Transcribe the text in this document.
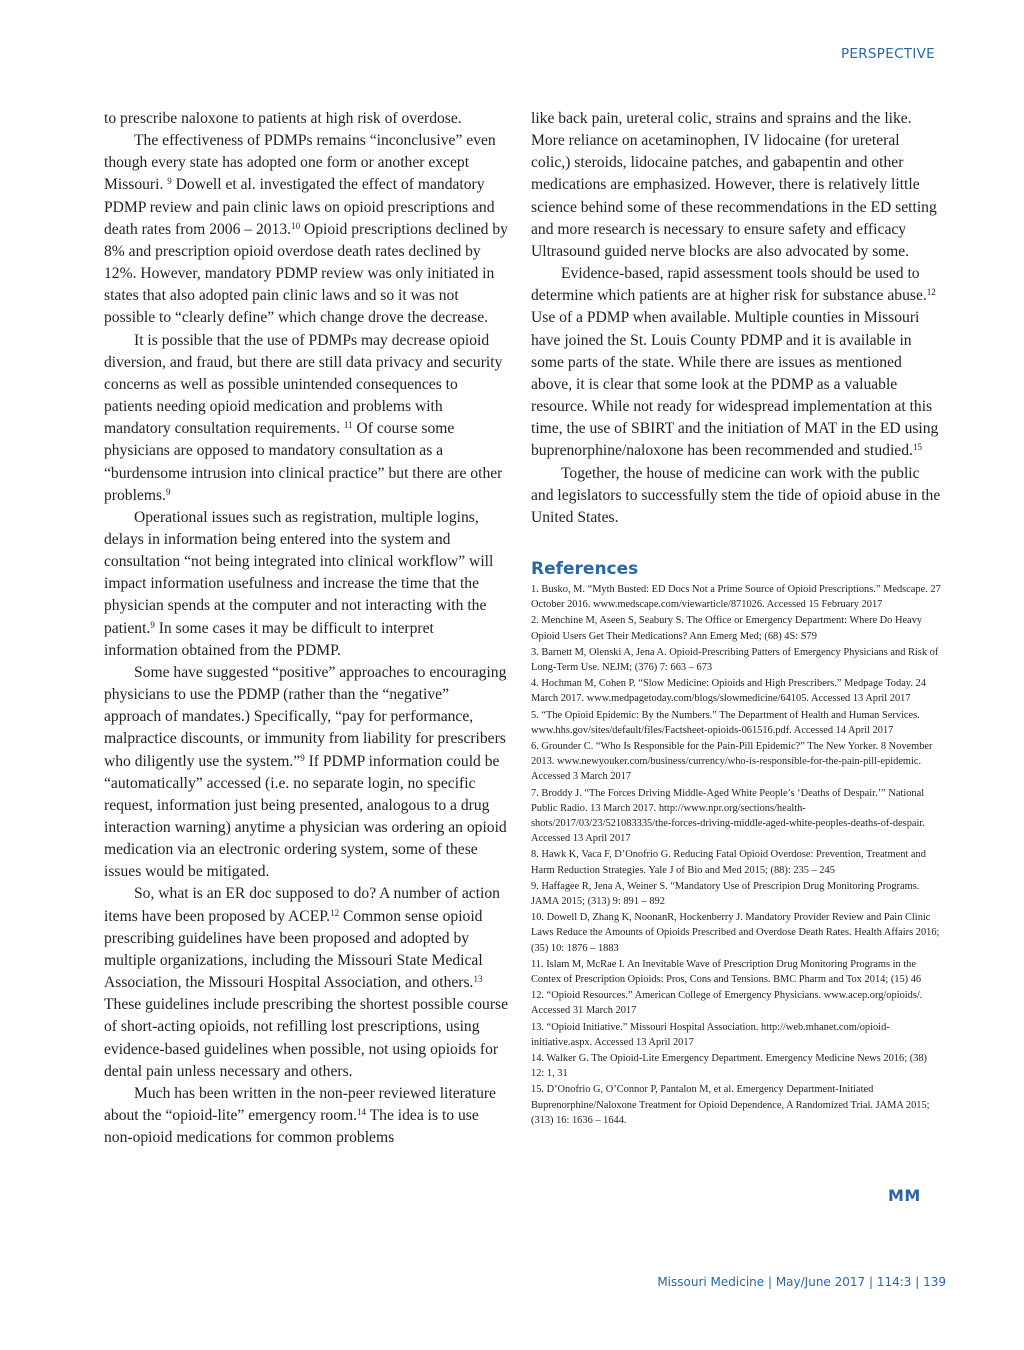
PERSPECTIVE

to prescribe naloxone to patients at high risk of overdose.

The effectiveness of PDMPs remains “inconclusive” even though every state has adopted one form or another except Missouri. $^9$ Dowell et al. investigated the effect of mandatory PDMP review and pain clinic laws on opioid prescriptions and death rates from 2006 – 2013.10 Opioid prescriptions declined by 8% and prescription opioid overdose death rates declined by 12%. However, mandatory PDMP review was only initiated in states that also adopted pain clinic laws and so it was not possible to “clearly define” which change drove the decrease.

It is possible that the use of PDMPs may decrease opioid diversion, and fraud, but there are still data privacy and security concerns as well as possible unintended consequences to patients needing opioid medication and problems with mandatory consultation requirements. $^{11}$ Of course some physicians are opposed to mandatory consultation as a “burdensome intrusion into clinical practice” but there are other problems.$^9$

Operational issues such as registration, multiple logins, delays in information being entered into the system and consultation “not being integrated into clinical workflow” will impact information usefulness and increase the time that the physician spends at the computer and not interacting with the patient.$^9$ In some cases it may be difficult to interpret information obtained from the PDMP.

Some have suggested “positive” approaches to encouraging physicians to use the PDMP (rather than the “negative” approach of mandates.) Specifically, “pay for performance, malpractice discounts, or immunity from liability for prescribers who diligently use the system.”$^9$ If PDMP information could be “automatically” accessed (i.e. no separate login, no specific request, information just being presented, analogous to a drug interaction warning) anytime a physician was ordering an opioid medication via an electronic ordering system, some of these issues would be mitigated.

So, what is an ER doc supposed to do? A number of action items have been proposed by ACEP.$^{12}$ Common sense opioid prescribing guidelines have been proposed and adopted by multiple organizations, including the Missouri State Medical Association, the Missouri Hospital Association, and others.$^{13}$ These guidelines include prescribing the shortest possible course of short-acting opioids, not refilling lost prescriptions, using evidence-based guidelines when possible, not using opioids for dental pain unless necessary and others.

Much has been written in the non-peer reviewed literature about the “opioid-lite” emergency room.$^{14}$ The idea is to use non-opioid medications for common problems

like back pain, ureteral colic, strains and sprains and the like. More reliance on acetaminophen, IV lidocaine (for ureteral colic,) steroids, lidocaine patches, and gabapentin and other medications are emphasized. However, there is relatively little science behind some of these recommendations in the ED setting and more research is necessary to ensure safety and efficacy Ultrasound guided nerve blocks are also advocated by some.

Evidence-based, rapid assessment tools should be used to determine which patients are at higher risk for substance abuse.$^{12}$ Use of a PDMP when available. Multiple counties in Missouri have joined the St. Louis County PDMP and it is available in some parts of the state. While there are issues as mentioned above, it is clear that some look at the PDMP as a valuable resource. While not ready for widespread implementation at this time, the use of SBIRT and the initiation of MAT in the ED using buprenorphine/naloxone has been recommended and studied.$^{15}$

Together, the house of medicine can work with the public and legislators to successfully stem the tide of opioid abuse in the United States.

References
1. Busko, M. “Myth Busted: ED Docs Not a Prime Source of Opioid Prescriptions.” Medscape. 27 October 2016. www.medscape.com/viewarticle/871026. Accessed 15 February 2017
2. Menchine M, Aseen S, Seabury S. The Office or Emergency Department: Where Do Heavy Opioid Users Get Their Medications? Ann Emerg Med; (68) 4S: S79
3. Barnett M, Olenski A, Jena A. Opioid-Prescribing Patters of Emergency Physicians and Risk of Long-Term Use. NEJM; (376) 7: 663 – 673
4. Hochman M, Cohen P. “Slow Medicine: Opioids and High Prescribers.” Medpage Today. 24 March 2017. www.medpagetoday.com/blogs/slowmedicine/64105. Accessed 13 April 2017
5. “The Opioid Epidemic: By the Numbers.” The Department of Health and Human Services. www.hhs.gov/sites/default/files/Factsheet-opioids-061516.pdf. Accessed 14 April 2017
6. Grounder C. “Who Is Responsible for the Pain-Pill Epidemic?” The New Yorker. 8 November 2013. www.newyouker.com/business/currency/who-is-responsible-for-the-pain-pill-epidemic. Accessed 3 March 2017
7. Broddy J. “The Forces Driving Middle-Aged White People’s ‘Deaths of Despair.’” National Public Radio. 13 March 2017. http://www.npr.org/sections/health-shots/2017/03/23/521083335/the-forces-driving-middle-aged-white-peoples-deaths-of-despair. Accessed 13 April 2017
8. Hawk K, Vaca F, D’Onofrio G. Reducing Fatal Opioid Overdose: Prevention, Treatment and Harm Reduction Strategies. Yale J of Bio and Med 2015; (88): 235 – 245
9. Haffagee R, Jena A, Weiner S. “Mandatory Use of Prescripion Drug Monitoring Programs. JAMA 2015; (313) 9: 891 – 892
10. Dowell D, Zhang K, NoonanR, Hockenberry J. Mandatory Provider Review and Pain Clinic Laws Reduce the Amounts of Opioids Prescribed and Overdose Death Rates. Health Affairs 2016; (35) 10: 1876 – 1883
11. Islam M, McRae I. An Inevitable Wave of Prescription Drug Monitoring Programs in the Contex of Prescription Opioids: Pros, Cons and Tensions. BMC Pharm and Tox 2014; (15) 46
12. “Opioid Resources.” American College of Emergency Physicians. www.acep.org/opioids/. Accessed 31 March 2017
13. “Opioid Initiative.” Missouri Hospital Association. http://web.mhanet.com/opioid-initiative.aspx. Accessed 13 April 2017
14. Walker G. The Opioid-Lite Emergency Department. Emergency Medicine News 2016; (38) 12: 1, 31
15. D’Onofrio G, O’Connor P, Pantalon M, et al. Emergency Department-Initiated Buprenorphine/Naloxone Treatment for Opioid Dependence, A Randomized Trial. JAMA 2015; (313) 16: 1636 – 1644.
MM
Missouri Medicine | May/June 2017 | 114:3 | 139
